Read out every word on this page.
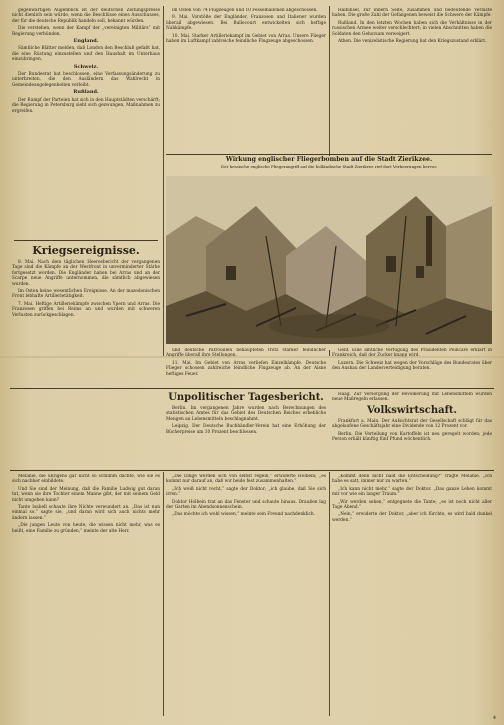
gegenwärtigen Augenblick ist der deutschen Zeitungspresse nicht dienlich sein würde, wenn die Beschlüsse eines Ausschusses, der für die deutsche Republik handeln soll, bekannt würden.

Die verstehen, wenn der Kampf der „vereinigten Militärs“ mit Regierung verbünden.

England.

Sämtliche Blätter melden, daß London den Beschluß gefaßt hat, die eine Rüstung einzustellen und den Haushalt im Unterhaus einzubringen.

Schweiz.

Der Bundesrat hat beschlossen, eine Verfassungsänderung zu unterbreiten, die den Ausländern das Wahlrecht in Gemeindeangelegenheiten verleiht.

Rußland.

Der Rampf der Parteien hat sich in den Hauptstädten verschärft; die Regierung in Petersburg sieht sich gezwungen, Maßnahmen zu ergreifen.

Kriegsereignisse.

8. Mai. Nach dem täglichen Heeresbericht der vergangenen Tage sind die Kämpfe an der Westfront in unverminderter Stärke fortgesetzt worden. Die Engländer haben bei Arras und an der Scarpe neue Angriffe unternommen, die sämtlich abgewiesen wurden.

Im Osten keine wesentlichen Ereignisse. An der mazedonischen Front lebhafte Artillerietätigkeit.

7. Mai. Heftige Artilleriekämpfe zwischen Ypern und Arras. Die Franzosen griffen bei Reims an und wurden mit schweren Verlusten zurückgeschlagen.

im Osten von 74 Flugzeugen und 10 Fesselballonen abgeschossen.

9. Mai. Vorstöße der Engländer, Franzosen und Italiener wurden überall abgewiesen. Bei Bullecourt entwickelten sich heftige Nahkämpfe.

10. Mai. Starker Artilleriekampf im Gebiet von Arras. Unsere Flieger haben im Luftkampf zahlreiche feindliche Flugzeuge abgeschossen.

Halbinsel, zur innern Seite, zusammen und bedeutende Verluste haben. Die große Zahl der Gefangenen beweist die Schwere der Kämpfe.

Rußland. In den letzten Wochen haben sich die Verhältnisse in der russischen Armee weiter verschlechtert; in vielen Abschnitten haben die Soldaten den Gehorsam verweigert.

Athen. Die venizelistische Regierung hat den Kriegszustand erklärt.

Wirkung englischer Fliegerbomben auf die Stadt Zierikzee.
Der hessische englische Fliegerangriff auf die holländische Stadt Zierikzee rief dort Verheerungen hervor.

und deutsche Patrouillen behaupteten trotz starker feindlicher

11. Mai. Im Gebiet von Arras verliefen Einzelkämpfe. Deutsche Flieger schossen zahlreiche feindliche Flugzeuge ab. An der Aisne heftiges Feuer.

Genf. Eine amtliche Verfügung des Präsidenten Poincaré erklärt in

Luzern. Die Schweiz hat wegen der Vorschläge des Bundesrates über den Ausbau der Landesverteidigung beraten.

Unpolitischer Tagesbericht.

Berlin. Im vergangenen Jahre wurden nach Berechnungen des statistischen Amtes für das Gebiet des Deutschen Reiches erhebliche Mengen an Lebensmitteln beschlagnahmt.

Leipzig. Der Deutsche Buchhändler-Verein hat eine Erhöhung der Bücherpreise um 10 Prozent beschlossen.

Haag. Zur Versorgung der Bevölkerung mit Lebensmitteln wurden neue Maßregeln erlassen.

Volkswirtschaft.

Frankfurt a. Main. Der Aufsichtsrat der Gesellschaft schlägt für das abgelaufene Geschäftsjahr eine Dividende von 12 Prozent vor.

Berlin. Die Verteilung von Kartoffeln ist neu geregelt worden; jede Person erhält künftig fünf Pfund wöchentlich.

Melanie, die übrigens gar nicht so schlimm dachte, wie sie es sich nachher einbildete.

Und Sie sind der Meinung, daß die Familie Ludwig gut daran tut, wenn sie ihre Tochter einem Manne gibt, der mit seinem Geld nicht umgehen kann?

Tante Isabell schaute ihre Nichte verwundert an. „Das ist nun einmal so,“ sagte sie, „und daran wird sich auch nichts mehr ändern lassen.“

„Die jungen Leute von heute, die wissen nicht mehr, was es heißt, eine Familie zu gründen,“ meinte der alte Herr.

„Die Dinge werden sich von selbst regeln,“ erwiderte Holbein; „es kommt nur darauf an, daß wir beide fest zusammenhalten.“

„Ich weiß nicht recht,“ sagte der Doktor; „ich glaube, daß Sie sich irren.“

Doktor Holbein trat an das Fenster und schaute hinaus. Draußen lag der Garten im Abendsonnenschein.

„Das möchte ich wohl wissen,“ meinte sein Freund nachdenklich.

„Kommt denn nicht bald die Entscheidung?“ fragte Melanie. „Ich habe es satt, immer nur zu warten.“

„Ich kann nicht mehr,“ sagte der Doktor. „Das ganze Leben kommt mir vor wie ein langer Traum.“

„Wir werden sehen,“ entgegnete die Tante; „es ist noch nicht aller Tage Abend.“

„Nein,“ erwiderte der Doktor, „aber ich fürchte, es wird bald dunkel werden.“

4
